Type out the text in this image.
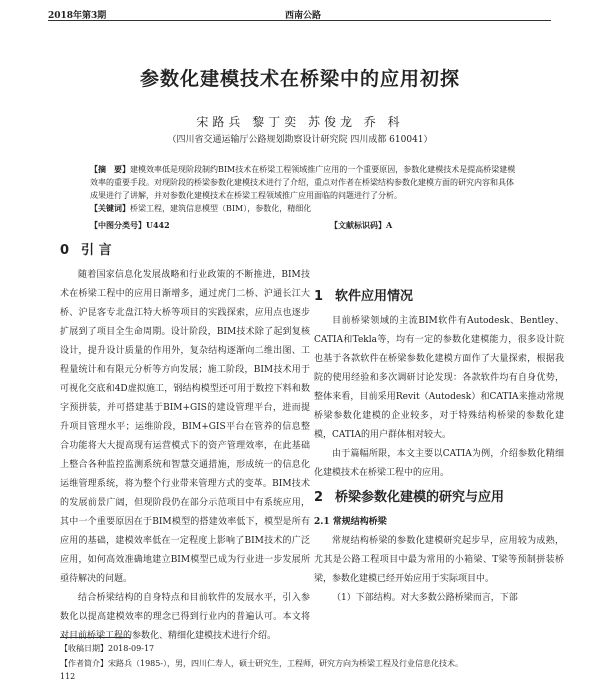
2018年第3期	西南公路
参数化建模技术在桥梁中的应用初探
宋路兵 黎丁奕 苏俊龙 乔 科
（四川省交通运输厅公路规划勘察设计研究院 四川成都 610041）
【摘　要】建模效率低是现阶段制约BIM技术在桥梁工程领域推广应用的一个重要原因，参数化建模技术是提高桥梁建模效率的重要手段。对现阶段的桥梁参数化建模技术进行了介绍，重点对作者在桥梁结构参数化建模方面的研究内容和具体成果进行了讲解，并对参数化建模技术在桥梁工程领域推广应用面临的问题进行了分析。
【关键词】桥梁工程，建筑信息模型（BIM），参数化，精细化
【中图分类号】U442	【文献标识码】A
0 引 言

随着国家信息化发展战略和行业政策的不断推进，BIM技术在桥梁工程中的应用日渐增多，通过虎门二桥、沪通长江大桥、沪昆客专北盘江特大桥等项目的实践探索，应用点也逐步扩展到了项目全生命周期。设计阶段，BIM技术除了起到复核设计，提升设计质量的作用外，复杂结构逐渐向二维出图、工程量统计和有限元分析等方向发展；施工阶段，BIM技术用于可视化交底和4D虚拟施工，钢结构模型还可用于数控下料和数字预拼装，并可搭建基于BIM+GIS的建设管理平台，进而提升项目管理水平；运维阶段，BIM+GIS平台在管养的信息整合功能将大大提高现有运营模式下的资产管理效率，在此基础上整合各种监控监测系统和智慧交通措施，形成统一的信息化运维管理系统，将为整个行业带来管理方式的变革。BIM技术的发展前景广阔，但现阶段仍在部分示范项目中有系统应用，其中一个重要原因在于BIM模型的搭建效率低下，模型是所有应用的基础，建模效率低在一定程度上影响了BIM技术的广泛应用，如何高效准确地建立BIM模型已成为行业进一步发展所亟待解决的问题。

结合桥梁结构的自身特点和目前软件的发展水平，引入参数化以提高建模效率的理念已得到行业内的普遍认可。本文将对目前桥梁工程的参数化、精细化建模技术进行介绍。

1 软件应用情况

目前桥梁领域的主流BIM软件有Autodesk、Bentley、CATIA和Tekla等，均有一定的参数化建模能力，很多设计院也基于各款软件在桥梁参数化建模方面作了大量探索，根据我院的使用经验和多次调研讨论发现：各款软件均有自身优势，整体来看，目前采用Revit（Autodesk）和CATIA来推动常规桥梁参数化建模的企业较多，对于特殊结构桥梁的参数化建模，CATIA的用户群体相对较大。

由于篇幅所限，本文主要以CATIA为例，介绍参数化精细化建模技术在桥梁工程中的应用。

2 桥梁参数化建模的研究与应用
2.1 常规结构桥梁

常规结构桥梁的参数化建模研究起步早，应用较为成熟，尤其是公路工程项目中最为常用的小箱梁、T梁等预制拼装桥梁，参数化建模已经开始应用于实际项目中。

（1）下部结构。对大多数公路桥梁而言，下部

【收稿日期】2018-09-17
【作者简介】宋路兵（1985-），男，四川仁寿人，硕士研究生，工程师，研究方向为桥梁工程及行业信息化技术。
112
